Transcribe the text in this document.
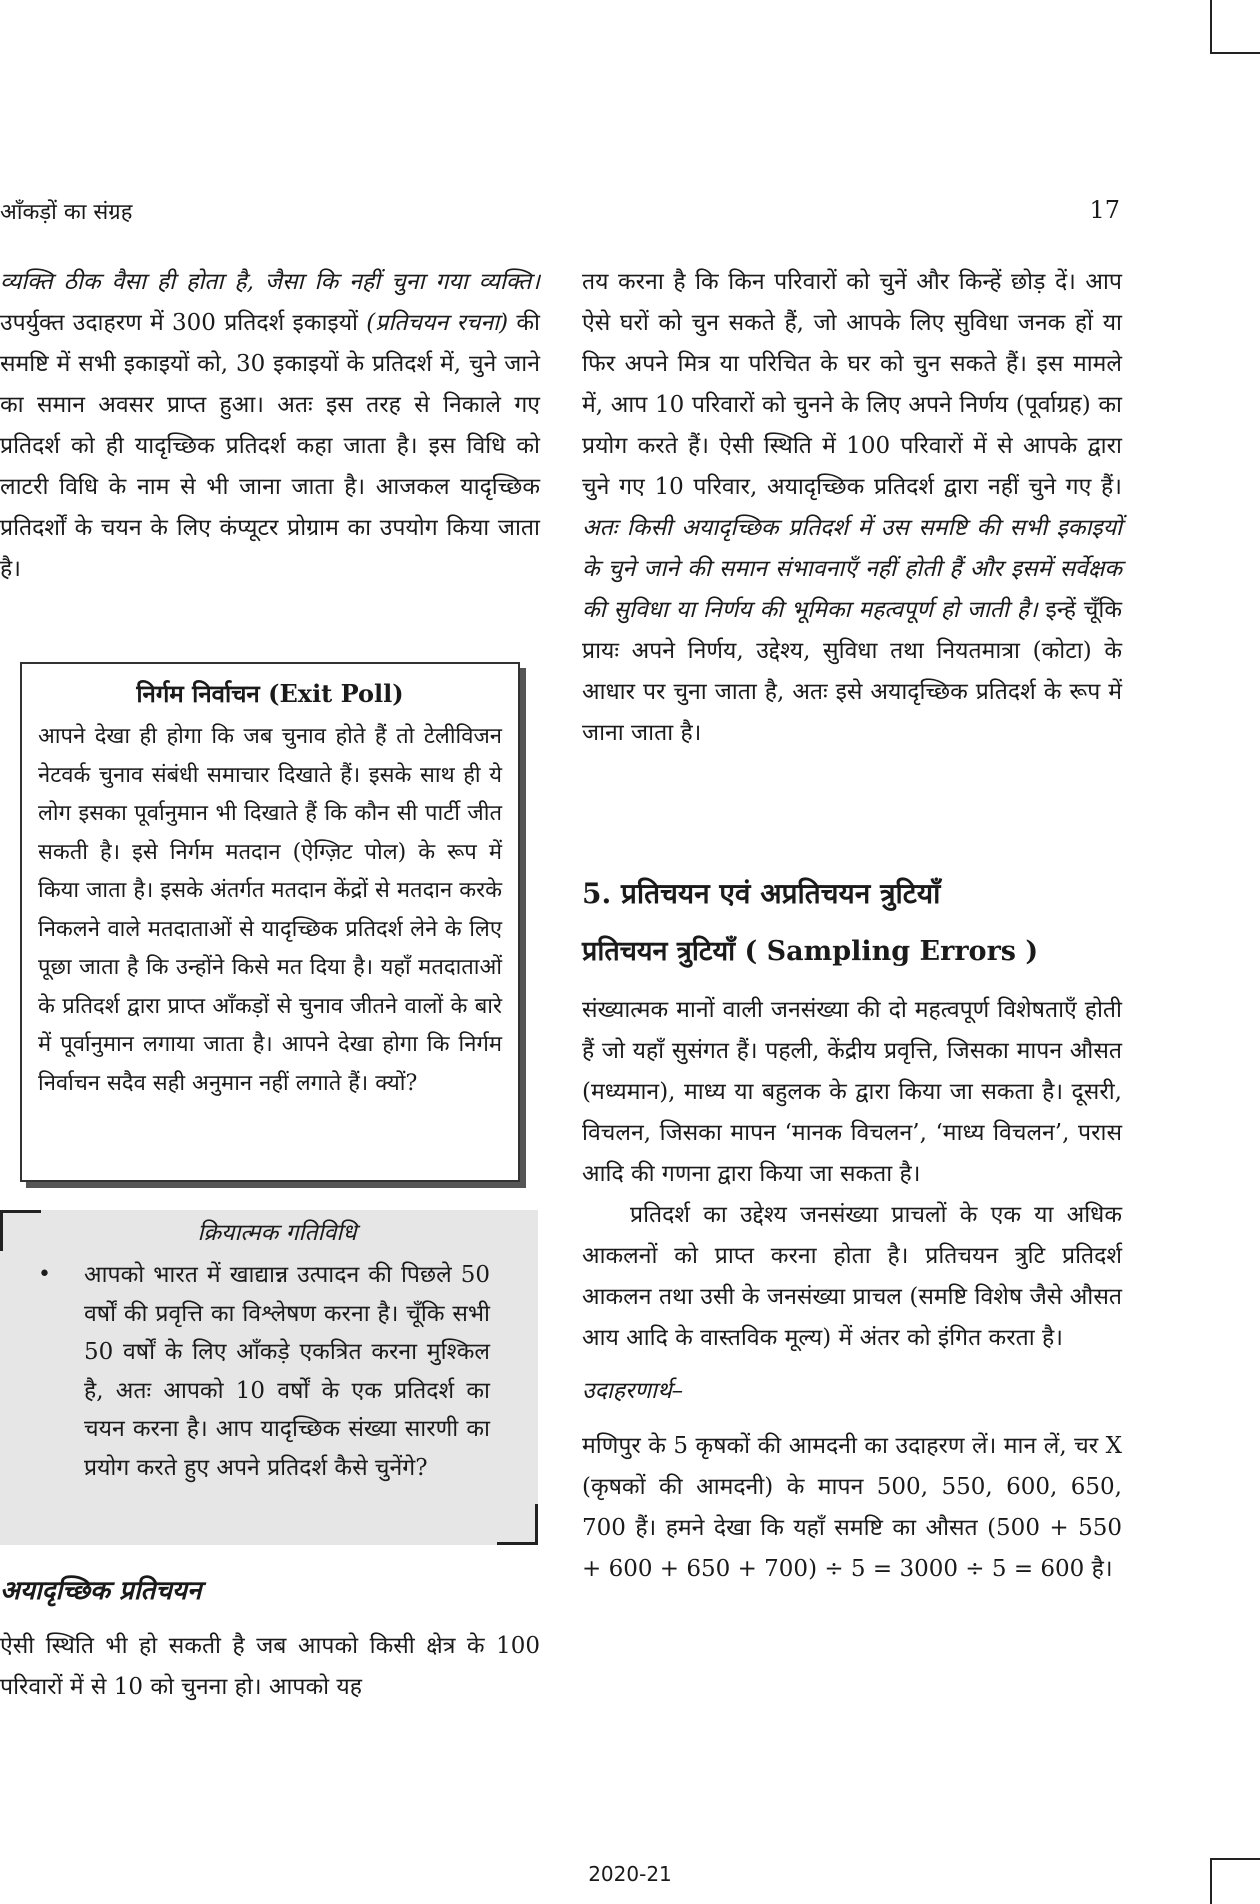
आँकड़ों का संग्रह	17

व्यक्ति ठीक वैसा ही होता है, जैसा कि नहीं चुना गया व्यक्ति। उपर्युक्त उदाहरण में 300 प्रतिदर्श इकाइयों (प्रतिचयन रचना) की समष्टि में सभी इकाइयों को, 30 इकाइयों के प्रतिदर्श में, चुने जाने का समान अवसर प्राप्त हुआ। अतः इस तरह से निकाले गए प्रतिदर्श को ही यादृच्छिक प्रतिदर्श कहा जाता है। इस विधि को लाटरी विधि के नाम से भी जाना जाता है। आजकल यादृच्छिक प्रतिदर्शों के चयन के लिए कंप्यूटर प्रोग्राम का उपयोग किया जाता है।

निर्गम निर्वाचन (Exit Poll)
आपने देखा ही होगा कि जब चुनाव होते हैं तो टेलीविजन नेटवर्क चुनाव संबंधी समाचार दिखाते हैं। इसके साथ ही ये लोग इसका पूर्वानुमान भी दिखाते हैं कि कौन सी पार्टी जीत सकती है। इसे निर्गम मतदान (ऐग्ज़िट पोल) के रूप में किया जाता है। इसके अंतर्गत मतदान केंद्रों से मतदान करके निकलने वाले मतदाताओं से यादृच्छिक प्रतिदर्श लेने के लिए पूछा जाता है कि उन्होंने किसे मत दिया है। यहाँ मतदाताओं के प्रतिदर्श द्वारा प्राप्त आँकड़ों से चुनाव जीतने वालों के बारे में पूर्वानुमान लगाया जाता है। आपने देखा होगा कि निर्गम निर्वाचन सदैव सही अनुमान नहीं लगाते हैं। क्यों?
क्रियात्मक गतिविधि
• आपको भारत में खाद्यान्न उत्पादन की पिछले 50 वर्षों की प्रवृत्ति का विश्लेषण करना है। चूँकि सभी 50 वर्षों के लिए आँकड़े एकत्रित करना मुश्किल है, अतः आपको 10 वर्षों के एक प्रतिदर्श का चयन करना है। आप यादृच्छिक संख्या सारणी का प्रयोग करते हुए अपने प्रतिदर्श कैसे चुनेंगे?
अयादृच्छिक प्रतिचयन

ऐसी स्थिति भी हो सकती है जब आपको किसी क्षेत्र के 100 परिवारों में से 10 को चुनना हो। आपको यह

तय करना है कि किन परिवारों को चुनें और किन्हें छोड़ दें। आप ऐसे घरों को चुन सकते हैं, जो आपके लिए सुविधा जनक हों या फिर अपने मित्र या परिचित के घर को चुन सकते हैं। इस मामले में, आप 10 परिवारों को चुनने के लिए अपने निर्णय (पूर्वाग्रह) का प्रयोग करते हैं। ऐसी स्थिति में 100 परिवारों में से आपके द्वारा चुने गए 10 परिवार, अयादृच्छिक प्रतिदर्श द्वारा नहीं चुने गए हैं। अतः किसी अयादृच्छिक प्रतिदर्श में उस समष्टि की सभी इकाइयों के चुने जाने की समान संभावनाएँ नहीं होती हैं और इसमें सर्वेक्षक की सुविधा या निर्णय की भूमिका महत्वपूर्ण हो जाती है। इन्हें चूँकि प्रायः अपने निर्णय, उद्देश्य, सुविधा तथा नियतमात्रा (कोटा) के आधार पर चुना जाता है, अतः इसे अयादृच्छिक प्रतिदर्श के रूप में जाना जाता है।

5. प्रतिचयन एवं अप्रतिचयन त्रुटियाँ
प्रतिचयन त्रुटियाँ ( Sampling Errors )

संख्यात्मक मानों वाली जनसंख्या की दो महत्वपूर्ण विशेषताएँ होती हैं जो यहाँ सुसंगत हैं। पहली, केंद्रीय प्रवृत्ति, जिसका मापन औसत (मध्यमान), माध्य या बहुलक के द्वारा किया जा सकता है। दूसरी, विचलन, जिसका मापन ‘मानक विचलन’, ‘माध्य विचलन’, परास आदि की गणना द्वारा किया जा सकता है।

प्रतिदर्श का उद्देश्य जनसंख्या प्राचलों के एक या अधिक आकलनों को प्राप्त करना होता है। प्रतिचयन त्रुटि प्रतिदर्श आकलन तथा उसी के जनसंख्या प्राचल (समष्टि विशेष जैसे औसत आय आदि के वास्तविक मूल्य) में अंतर को इंगित करता है।

उदाहरणार्थ–

मणिपुर के 5 कृषकों की आमदनी का उदाहरण लें। मान लें, चर X (कृषकों की आमदनी) के मापन 500, 550, 600, 650, 700 हैं। हमने देखा कि यहाँ समष्टि का औसत (500 + 550 + 600 + 650 + 700) ÷ 5 = 3000 ÷ 5 = 600 है।

2020-21
